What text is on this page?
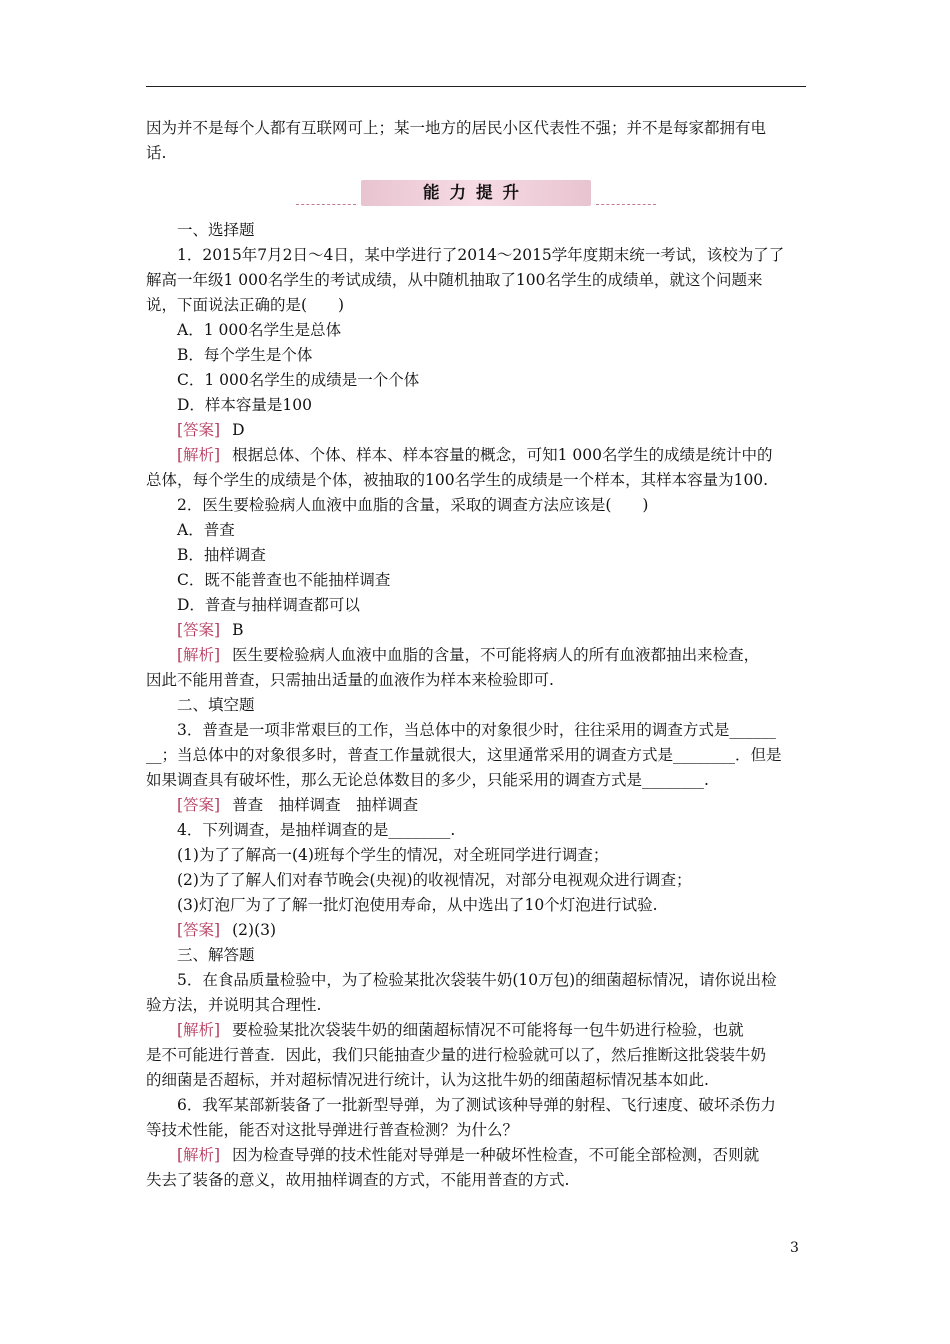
因为并不是每个人都有互联网可上；某一地方的居民小区代表性不强；并不是每家都拥有电

话.

能力提升

一、选择题

1．2015年7月2日～4日，某中学进行了2014～2015学年度期末统一考试，该校为了了

解高一年级1 000名学生的考试成绩，从中随机抽取了100名学生的成绩单，就这个问题来

说，下面说法正确的是(　　)

A．1 000名学生是总体

B．每个学生是个体

C．1 000名学生的成绩是一个个体

D．样本容量是100

[答案] D

[解析] 根据总体、个体、样本、样本容量的概念，可知1 000名学生的成绩是统计中的

总体，每个学生的成绩是个体，被抽取的100名学生的成绩是一个样本，其样本容量为100.

2．医生要检验病人血液中血脂的含量，采取的调查方法应该是(　　)

A．普查

B．抽样调查

C．既不能普查也不能抽样调查

D．普查与抽样调查都可以

[答案] B

[解析] 医生要检验病人血液中血脂的含量，不可能将病人的所有血液都抽出来检查，

因此不能用普查，只需抽出适量的血液作为样本来检验即可.

二、填空题

3．普查是一项非常艰巨的工作，当总体中的对象很少时，往往采用的调查方式是______

__；当总体中的对象很多时，普查工作量就很大，这里通常采用的调查方式是________．但是

如果调查具有破坏性，那么无论总体数目的多少，只能采用的调查方式是________.

[答案] 普查　抽样调查　抽样调查

4．下列调查，是抽样调查的是________.

(1)为了了解高一(4)班每个学生的情况，对全班同学进行调查；

(2)为了了解人们对春节晚会(央视)的收视情况，对部分电视观众进行调查；

(3)灯泡厂为了了解一批灯泡使用寿命，从中选出了10个灯泡进行试验.

[答案] (2)(3)

三、解答题

5．在食品质量检验中，为了检验某批次袋装牛奶(10万包)的细菌超标情况，请你说出检

验方法，并说明其合理性.

[解析] 要检验某批次袋装牛奶的细菌超标情况不可能将每一包牛奶进行检验，也就

是不可能进行普查．因此，我们只能抽查少量的进行检验就可以了，然后推断这批袋装牛奶

的细菌是否超标，并对超标情况进行统计，认为这批牛奶的细菌超标情况基本如此.

6．我军某部新装备了一批新型导弹，为了测试该种导弹的射程、飞行速度、破坏杀伤力

等技术性能，能否对这批导弹进行普查检测？为什么？

[解析] 因为检查导弹的技术性能对导弹是一种破坏性检查，不可能全部检测，否则就

失去了装备的意义，故用抽样调查的方式，不能用普查的方式.

3
